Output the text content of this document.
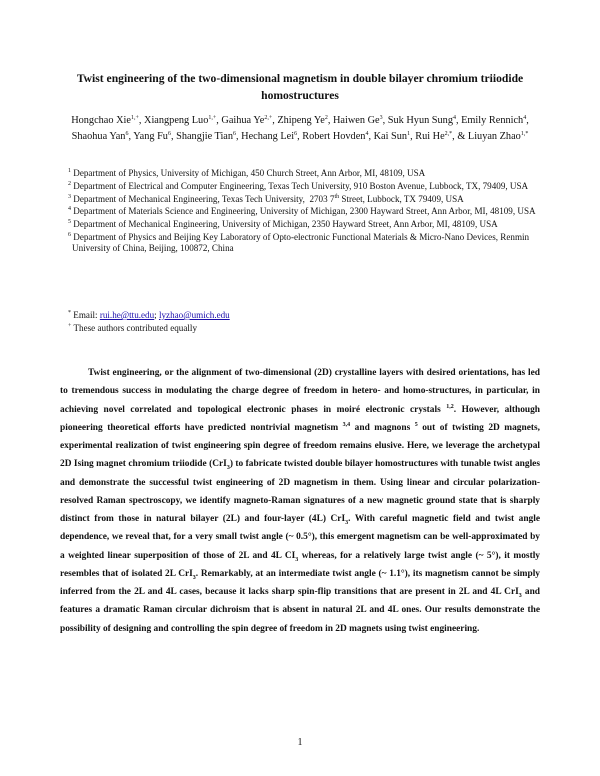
Twist engineering of the two-dimensional magnetism in double bilayer chromium triiodide homostructures

Hongchao Xie$^{1,+}$, Xiangpeng Luo$^{1,+}$, Gaihua $Ye^{2,+}$, Zhipeng Ye$^2$, Haiwen Ge$^3$, Suk Hyun Sung$^4$, Emily Rennich$^4$, Shaohua Yan$^6$, Yang Fu$^6$, Shangjie Tian$^6$, Hechang Lei$^6$, Robert Hovden$^4$, Kai Sun$^1$, Rui $He^{2,*}$, & Liuyan Zhao$^{1,*}$

$^1$ Department of Physics, University of Michigan, 450 Church Street, Ann Arbor, MI, 48109, USA
$^2$ Department of Electrical and Computer Engineering, Texas Tech University, 910 Boston Avenue, Lubbock, TX, 79409, USA
$^3$ Department of Mechanical Engineering, Texas Tech University,  2703 7th Street, Lubbock, TX 79409, USA
$^4$ Department of Materials Science and Engineering, University of Michigan, 2300 Hayward Street, Ann Arbor, MI, 48109, USA
$^5$ Department of Mechanical Engineering, University of Michigan, 2350 Hayward Street, Ann Arbor, MI, 48109, USA
$^6$ Department of Physics and Beijing Key Laboratory of Opto-electronic Functional Materials & Micro-Nano Devices, Renmin University of China, Beijing, 100872, China
* Email: rui.he@ttu.edu; lyzhao@umich.edu
+ These authors contributed equally

Twist engineering, or the alignment of two-dimensional (2D) crystalline layers with desired orientations, has led to tremendous success in modulating the charge degree of freedom in hetero- and homo-structures, in particular, in achieving novel correlated and topological electronic phases in moiré electronic crystals $^{1,2}$. However, although pioneering theoretical efforts have predicted nontrivial magnetism $^{3,4}$ and magnons $^5$ out of twisting 2D magnets, experimental realization of twist engineering spin degree of freedom remains elusive. Here, we leverage the archetypal 2D Ising magnet chromium triiodide (CrI$_3$) to fabricate twisted double bilayer homostructures with tunable twist angles and demonstrate the successful twist engineering of 2D magnetism in them. Using linear and circular polarization-resolved Raman spectroscopy, we identify magneto-Raman signatures of a new magnetic ground state that is sharply distinct from those in natural bilayer (2L) and four-layer (4L) CrI$_3$. With careful magnetic field and twist angle dependence, we reveal that, for a very small twist angle (~ 0.5°), this emergent magnetism can be well-approximated by a weighted linear superposition of those of 2L and 4L $CI_3$ whereas, for a relatively large twist angle (~ 5°), it mostly resembles that of isolated 2L CrI$_3$. Remarkably, at an intermediate twist angle (~ 1.1°), its magnetism cannot be simply inferred from the 2L and 4L cases, because it lacks sharp spin-flip transitions that are present in 2L and 4L CrI$_3$ and features a dramatic Raman circular dichroism that is absent in natural 2L and 4L ones. Our results demonstrate the possibility of designing and controlling the spin degree of freedom in 2D magnets using twist engineering.

1
